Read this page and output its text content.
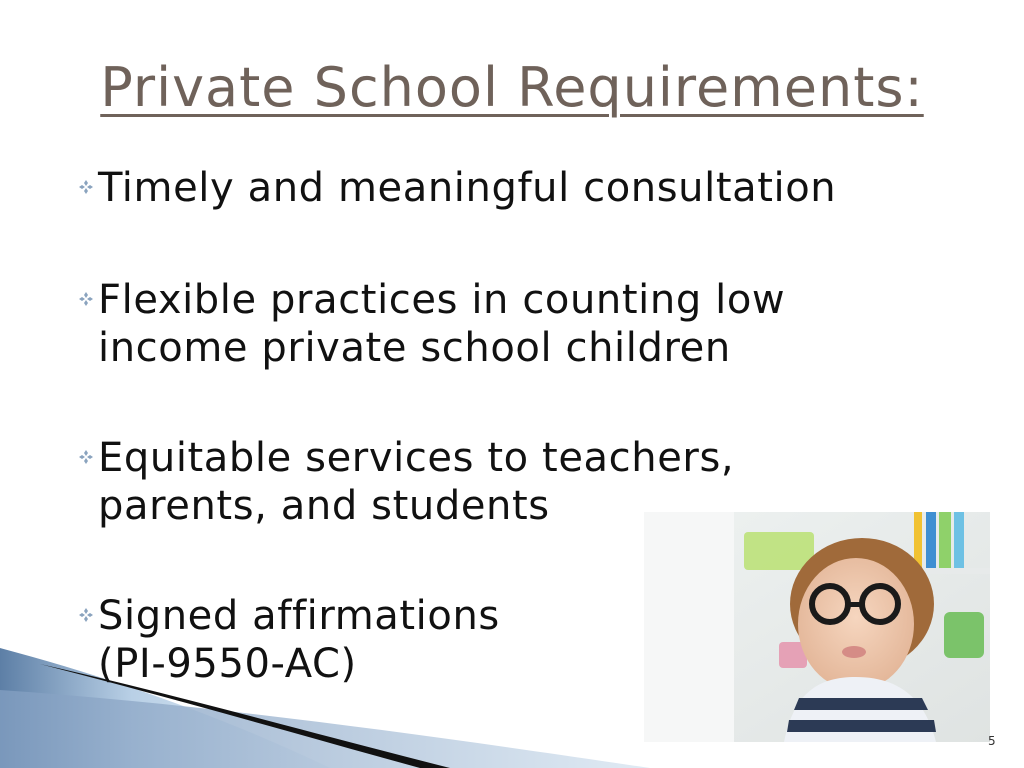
Private School Requirements:
Timely and meaningful consultation
Flexible practices in counting low
income private school children
Equitable services to teachers,
parents, and students
Signed affirmations
(PI-9550-AC)
5
